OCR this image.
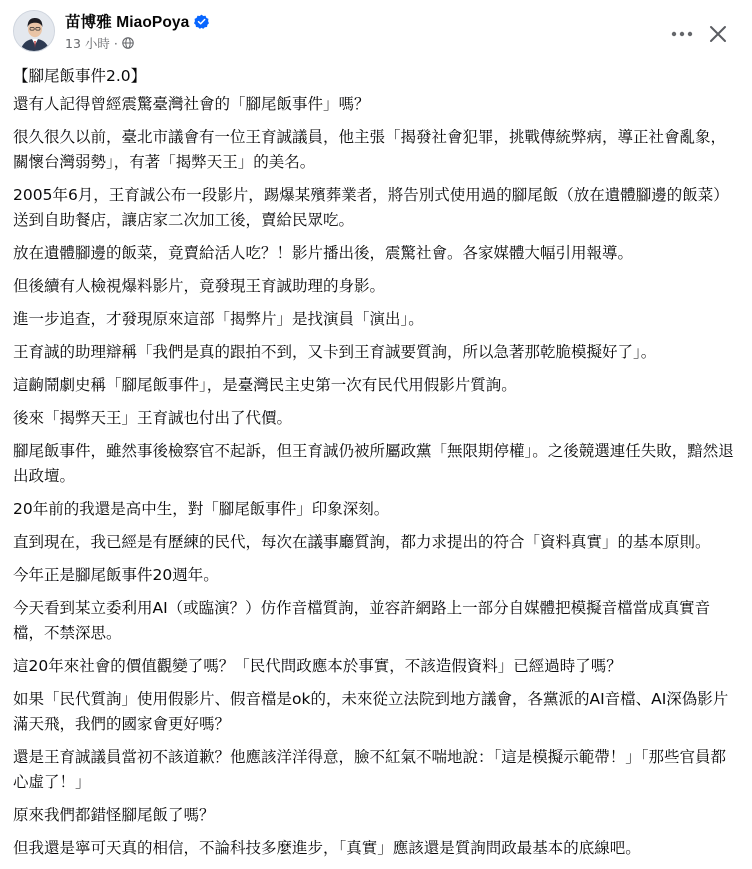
苗博雅 MiaoPoya
13 小時 ·

【腳尾飯事件2.0】

還有人記得曾經震驚臺灣社會的「腳尾飯事件」嗎？

很久很久以前，臺北市議會有一位王育誠議員，他主張「揭發社會犯罪，挑戰傳統弊病，導正社會亂象，關懷台灣弱勢」，有著「揭弊天王」的美名。

2005年6月，王育誠公布一段影片，踢爆某殯葬業者，將告別式使用過的腳尾飯（放在遺體腳邊的飯菜）送到自助餐店，讓店家二次加工後，賣給民眾吃。

放在遺體腳邊的飯菜，竟賣給活人吃？！影片播出後，震驚社會。各家媒體大幅引用報導。

但後續有人檢視爆料影片，竟發現王育誠助理的身影。

進一步追查，才發現原來這部「揭弊片」是找演員「演出」。

王育誠的助理辯稱「我們是真的跟拍不到，又卡到王育誠要質詢，所以急著那乾脆模擬好了」。

這齣鬧劇史稱「腳尾飯事件」，是臺灣民主史第一次有民代用假影片質詢。

後來「揭弊天王」王育誠也付出了代價。

腳尾飯事件，雖然事後檢察官不起訴，但王育誠仍被所屬政黨「無限期停權」。之後競選連任失敗，黯然退出政壇。

20年前的我還是高中生，對「腳尾飯事件」印象深刻。

直到現在，我已經是有歷練的民代，每次在議事廳質詢，都力求提出的符合「資料真實」的基本原則。

今年正是腳尾飯事件20週年。

今天看到某立委利用AI（或臨演？）仿作音檔質詢，並容許網路上一部分自媒體把模擬音檔當成真實音檔，不禁深思。

這20年來社會的價值觀變了嗎？「民代問政應本於事實，不該造假資料」已經過時了嗎？

如果「民代質詢」使用假影片、假音檔是ok的，未來從立法院到地方議會，各黨派的AI音檔、AI深偽影片滿天飛，我們的國家會更好嗎？

還是王育誠議員當初不該道歉？他應該洋洋得意，臉不紅氣不喘地說：「這是模擬示範帶！」「那些官員都心虛了！」

原來我們都錯怪腳尾飯了嗎？

但我還是寧可天真的相信，不論科技多麼進步，「真實」應該還是質詢問政最基本的底線吧。
